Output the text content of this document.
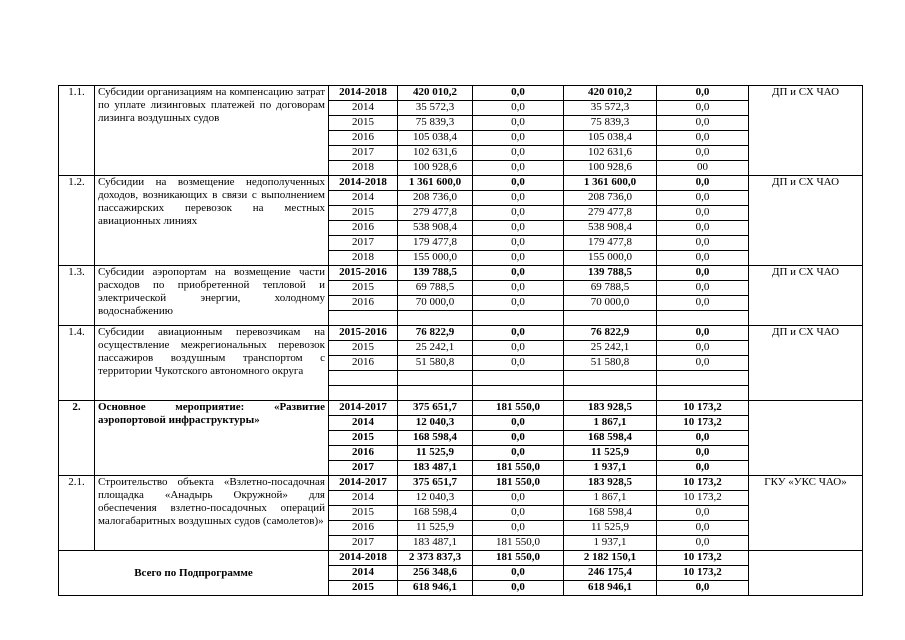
1.1.	Субсидии организациям на компенсацию затрат по уплате лизинговых платежей по договорам лизинга воздушных судов	2014-2018	420 010,2	0,0	420 010,2	0,0	ДП и СХ ЧАО
		2014	35 572,3	0,0	35 572,3	0,0	
		2015	75 839,3	0,0	75 839,3	0,0	
		2016	105 038,4	0,0	105 038,4	0,0	
		2017	102 631,6	0,0	102 631,6	0,0	
		2018	100 928,6	0,0	100 928,6	00	
1.2.	Субсидии на возмещение недополученных доходов, возникающих в связи с выполнением пассажирских перевозок на местных авиационных линиях	2014-2018	1 361 600,0	0,0	1 361 600,0	0,0	ДП и СХ ЧАО
		2014	208 736,0	0,0	208 736,0	0,0	
		2015	279 477,8	0,0	279 477,8	0,0	
		2016	538 908,4	0,0	538 908,4	0,0	
		2017	179 477,8	0,0	179 477,8	0,0	
		2018	155 000,0	0,0	155 000,0	0,0	
1.3.	Субсидии аэропортам на возмещение части расходов по приобретенной тепловой и электрической энергии, холодному водоснабжению	2015-2016	139 788,5	0,0	139 788,5	0,0	ДП и СХ ЧАО
		2015	69 788,5	0,0	69 788,5	0,0	
		2016	70 000,0	0,0	70 000,0	0,0	

1.4.	Субсидии авиационным перевозчикам на осуществление межрегиональных перевозок пассажиров воздушным транспортом с территории Чукотского автономного округа	2015-2016	76 822,9	0,0	76 822,9	0,0	ДП и СХ ЧАО
		2015	25 242,1	0,0	25 242,1	0,0	
		2016	51 580,8	0,0	51 580,8	0,0	

2.	Основное мероприятие: «Развитие аэропортовой инфраструктуры»	2014-2017	375 651,7	181 550,0	183 928,5	10 173,2	
		2014	12 040,3	0,0	1 867,1	10 173,2	
		2015	168 598,4	0,0	168 598,4	0,0	
		2016	11 525,9	0,0	11 525,9	0,0	
		2017	183 487,1	181 550,0	1 937,1	0,0	
2.1.	Строительство объекта «Взлетно-посадочная площадка «Анадырь Окружной» для обеспечения взлетно-посадочных операций малогабаритных воздушных судов (самолетов)»	2014-2017	375 651,7	181 550,0	183 928,5	10 173,2	ГКУ «УКС ЧАО»
		2014	12 040,3	0,0	1 867,1	10 173,2	
		2015	168 598,4	0,0	168 598,4	0,0	
		2016	11 525,9	0,0	11 525,9	0,0	
		2017	183 487,1	181 550,0	1 937,1	0,0	
Всего по Подпрограмме		2014-2018	2 373 837,3	181 550,0	2 182 150,1	10 173,2	
		2014	256 348,6	0,0	246 175,4	10 173,2	
		2015	618 946,1	0,0	618 946,1	0,0	
